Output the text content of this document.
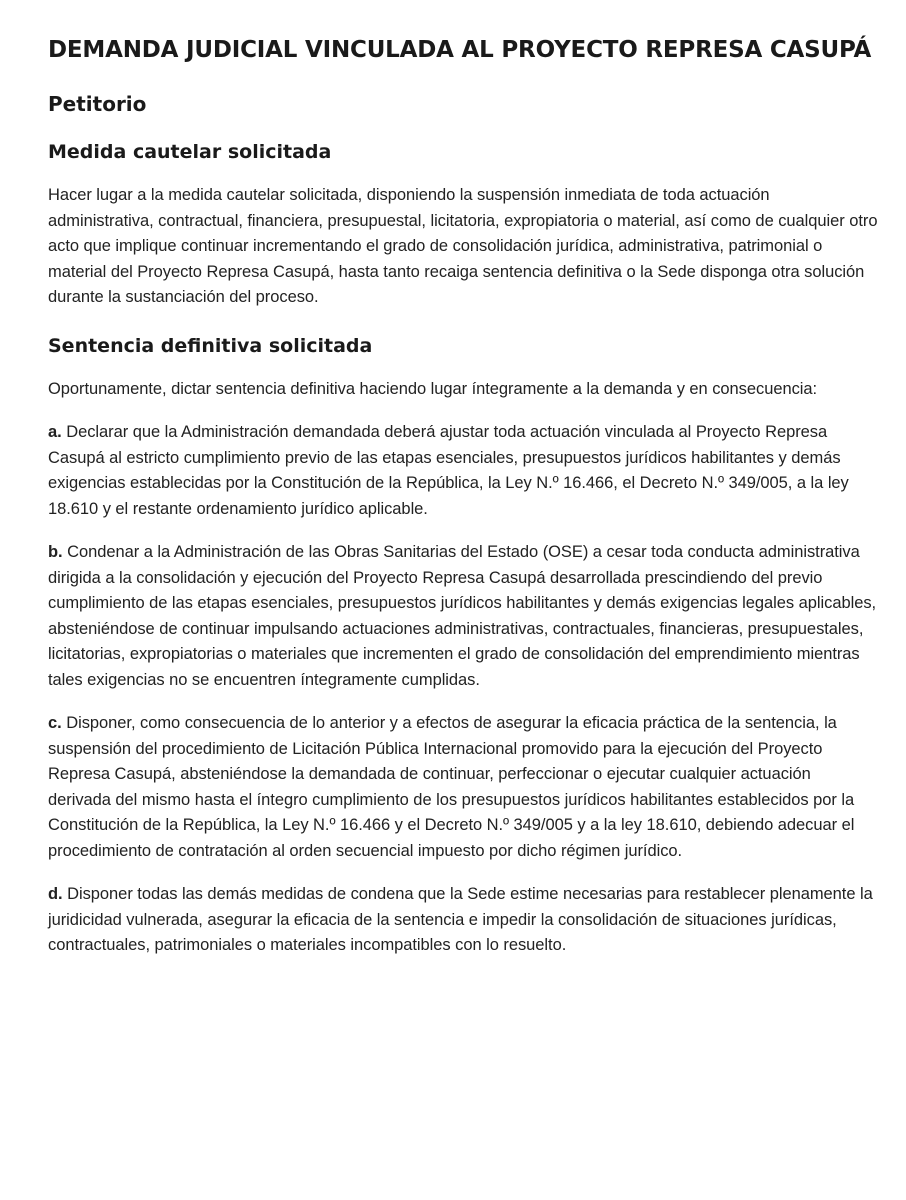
DEMANDA JUDICIAL VINCULADA AL PROYECTO REPRESA CASUPÁ
Petitorio
Medida cautelar solicitada

Hacer lugar a la medida cautelar solicitada, disponiendo la suspensión inmediata de toda actuación administrativa, contractual, financiera, presupuestal, licitatoria, expropiatoria o material, así como de cualquier otro acto que implique continuar incrementando el grado de consolidación jurídica, administrativa, patrimonial o material del Proyecto Represa Casupá, hasta tanto recaiga sentencia definitiva o la Sede disponga otra solución durante la sustanciación del proceso.

Sentencia definitiva solicitada

Oportunamente, dictar sentencia definitiva haciendo lugar íntegramente a la demanda y en consecuencia:

a. Declarar que la Administración demandada deberá ajustar toda actuación vinculada al Proyecto Represa Casupá al estricto cumplimiento previo de las etapas esenciales, presupuestos jurídicos habilitantes y demás exigencias establecidas por la Constitución de la República, la Ley N.º 16.466, el Decreto N.º 349/005, a la ley 18.610 y el restante ordenamiento jurídico aplicable.

b. Condenar a la Administración de las Obras Sanitarias del Estado (OSE) a cesar toda conducta administrativa dirigida a la consolidación y ejecución del Proyecto Represa Casupá desarrollada prescindiendo del previo cumplimiento de las etapas esenciales, presupuestos jurídicos habilitantes y demás exigencias legales aplicables, absteniéndose de continuar impulsando actuaciones administrativas, contractuales, financieras, presupuestales, licitatorias, expropiatorias o materiales que incrementen el grado de consolidación del emprendimiento mientras tales exigencias no se encuentren íntegramente cumplidas.

c. Disponer, como consecuencia de lo anterior y a efectos de asegurar la eficacia práctica de la sentencia, la suspensión del procedimiento de Licitación Pública Internacional promovido para la ejecución del Proyecto Represa Casupá, absteniéndose la demandada de continuar, perfeccionar o ejecutar cualquier actuación derivada del mismo hasta el íntegro cumplimiento de los presupuestos jurídicos habilitantes establecidos por la Constitución de la República, la Ley N.º 16.466 y el Decreto N.º 349/005 y a la ley 18.610, debiendo adecuar el procedimiento de contratación al orden secuencial impuesto por dicho régimen jurídico.

d. Disponer todas las demás medidas de condena que la Sede estime necesarias para restablecer plenamente la juridicidad vulnerada, asegurar la eficacia de la sentencia e impedir la consolidación de situaciones jurídicas, contractuales, patrimoniales o materiales incompatibles con lo resuelto.
